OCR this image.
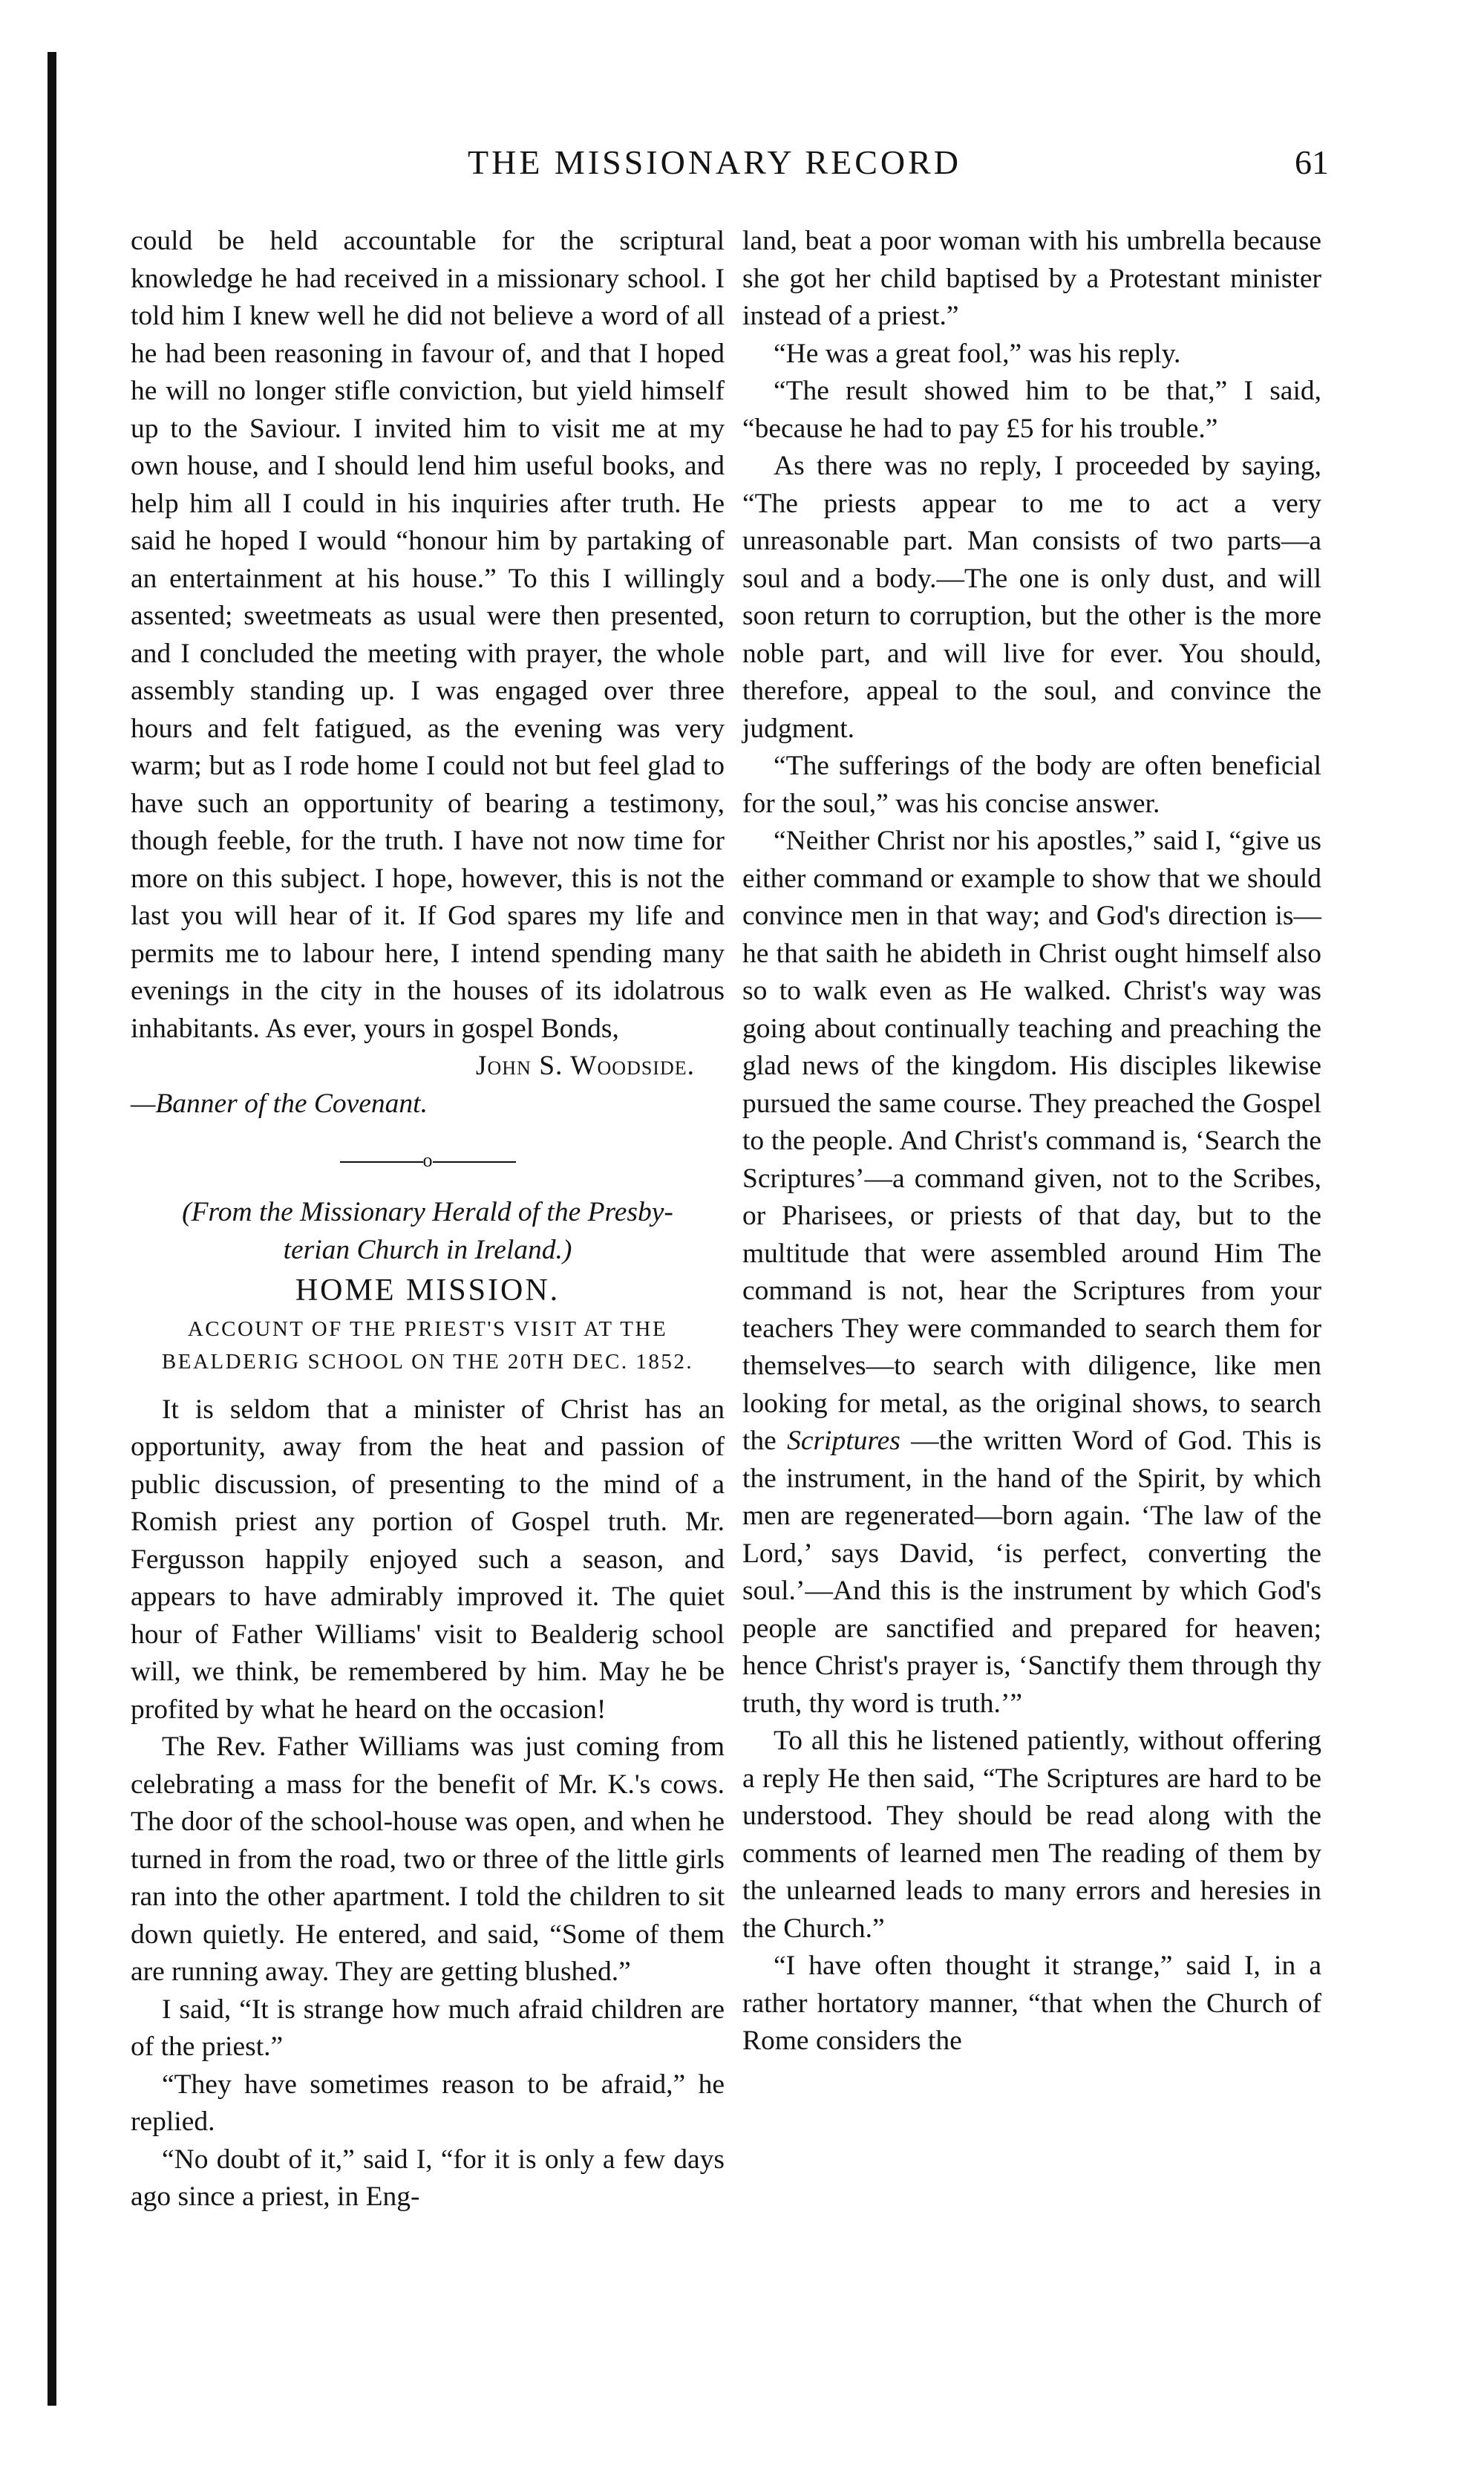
THE MISSIONARY RECORD	61

could be held accountable for the scriptural knowledge he had received in a missionary school. I told him I knew well he did not believe a word of all he had been reasoning in favour of, and that I hoped he will no longer stifle conviction, but yield himself up to the Saviour. I invited him to visit me at my own house, and I should lend him useful books, and help him all I could in his inquiries after truth. He said he hoped I would “honour him by partaking of an entertainment at his house.” To this I willingly assented; sweetmeats as usual were then presented, and I concluded the meeting with prayer, the whole assembly standing up. I was engaged over three hours and felt fatigued, as the evening was very warm; but as I rode home I could not but feel glad to have such an opportunity of bearing a testimony, though feeble, for the truth. I have not now time for more on this subject. I hope, however, this is not the last you will hear of it. If God spares my life and permits me to labour here, I intend spending many evenings in the city in the houses of its idolatrous inhabitants. As ever, yours in gospel Bonds,

John S. Woodside.

—Banner of the Covenant.

o

(From the Missionary Herald of the Presby-

terian Church in Ireland.)

HOME MISSION.
ACCOUNT OF THE PRIEST'S VISIT AT THE BEALDERIG SCHOOL ON THE 20TH DEC. 1852.

It is seldom that a minister of Christ has an opportunity, away from the heat and passion of public discussion, of presenting to the mind of a Romish priest any portion of Gospel truth. Mr. Fergusson happily enjoyed such a season, and appears to have admirably improved it. The quiet hour of Father Williams' visit to Bealderig school will, we think, be remembered by him. May he be profited by what he heard on the occasion!

The Rev. Father Williams was just coming from celebrating a mass for the benefit of Mr. K.'s cows. The door of the school-house was open, and when he turned in from the road, two or three of the little girls ran into the other apartment. I told the children to sit down quietly. He entered, and said, “Some of them are running away. They are getting blushed.”

I said, “It is strange how much afraid children are of the priest.”

“They have sometimes reason to be afraid,” he replied.

“No doubt of it,” said I, “for it is only a few days ago since a priest, in Eng-

land, beat a poor woman with his umbrella because she got her child baptised by a Protestant minister instead of a priest.”

“He was a great fool,” was his reply.

“The result showed him to be that,” I said, “because he had to pay £5 for his trouble.”

As there was no reply, I proceeded by saying, “The priests appear to me to act a very unreasonable part. Man consists of two parts—a soul and a body.—The one is only dust, and will soon return to corruption, but the other is the more noble part, and will live for ever. You should, therefore, appeal to the soul, and convince the judgment.

“The sufferings of the body are often beneficial for the soul,” was his concise answer.

“Neither Christ nor his apostles,” said I, “give us either command or example to show that we should convince men in that way; and God's direction is—he that saith he abideth in Christ ought himself also so to walk even as He walked. Christ's way was going about continually teaching and preaching the glad news of the kingdom. His disciples likewise pursued the same course. They preached the Gospel to the people. And Christ's command is, ‘Search the Scriptures’—a command given, not to the Scribes, or Pharisees, or priests of that day, but to the multitude that were assembled around Him The command is not, hear the Scriptures from your teachers They were commanded to search them for themselves—to search with diligence, like men looking for metal, as the original shows, to search the Scriptures —the written Word of God. This is the instrument, in the hand of the Spirit, by which men are regenerated—born again. ‘The law of the Lord,’ says David, ‘is perfect, converting the soul.’—And this is the instrument by which God's people are sanctified and prepared for heaven; hence Christ's prayer is, ‘Sanctify them through thy truth, thy word is truth.’”

To all this he listened patiently, without offering a reply He then said, “The Scriptures are hard to be understood. They should be read along with the comments of learned men The reading of them by the unlearned leads to many errors and heresies in the Church.”

“I have often thought it strange,” said I, in a rather hortatory manner, “that when the Church of Rome considers the
